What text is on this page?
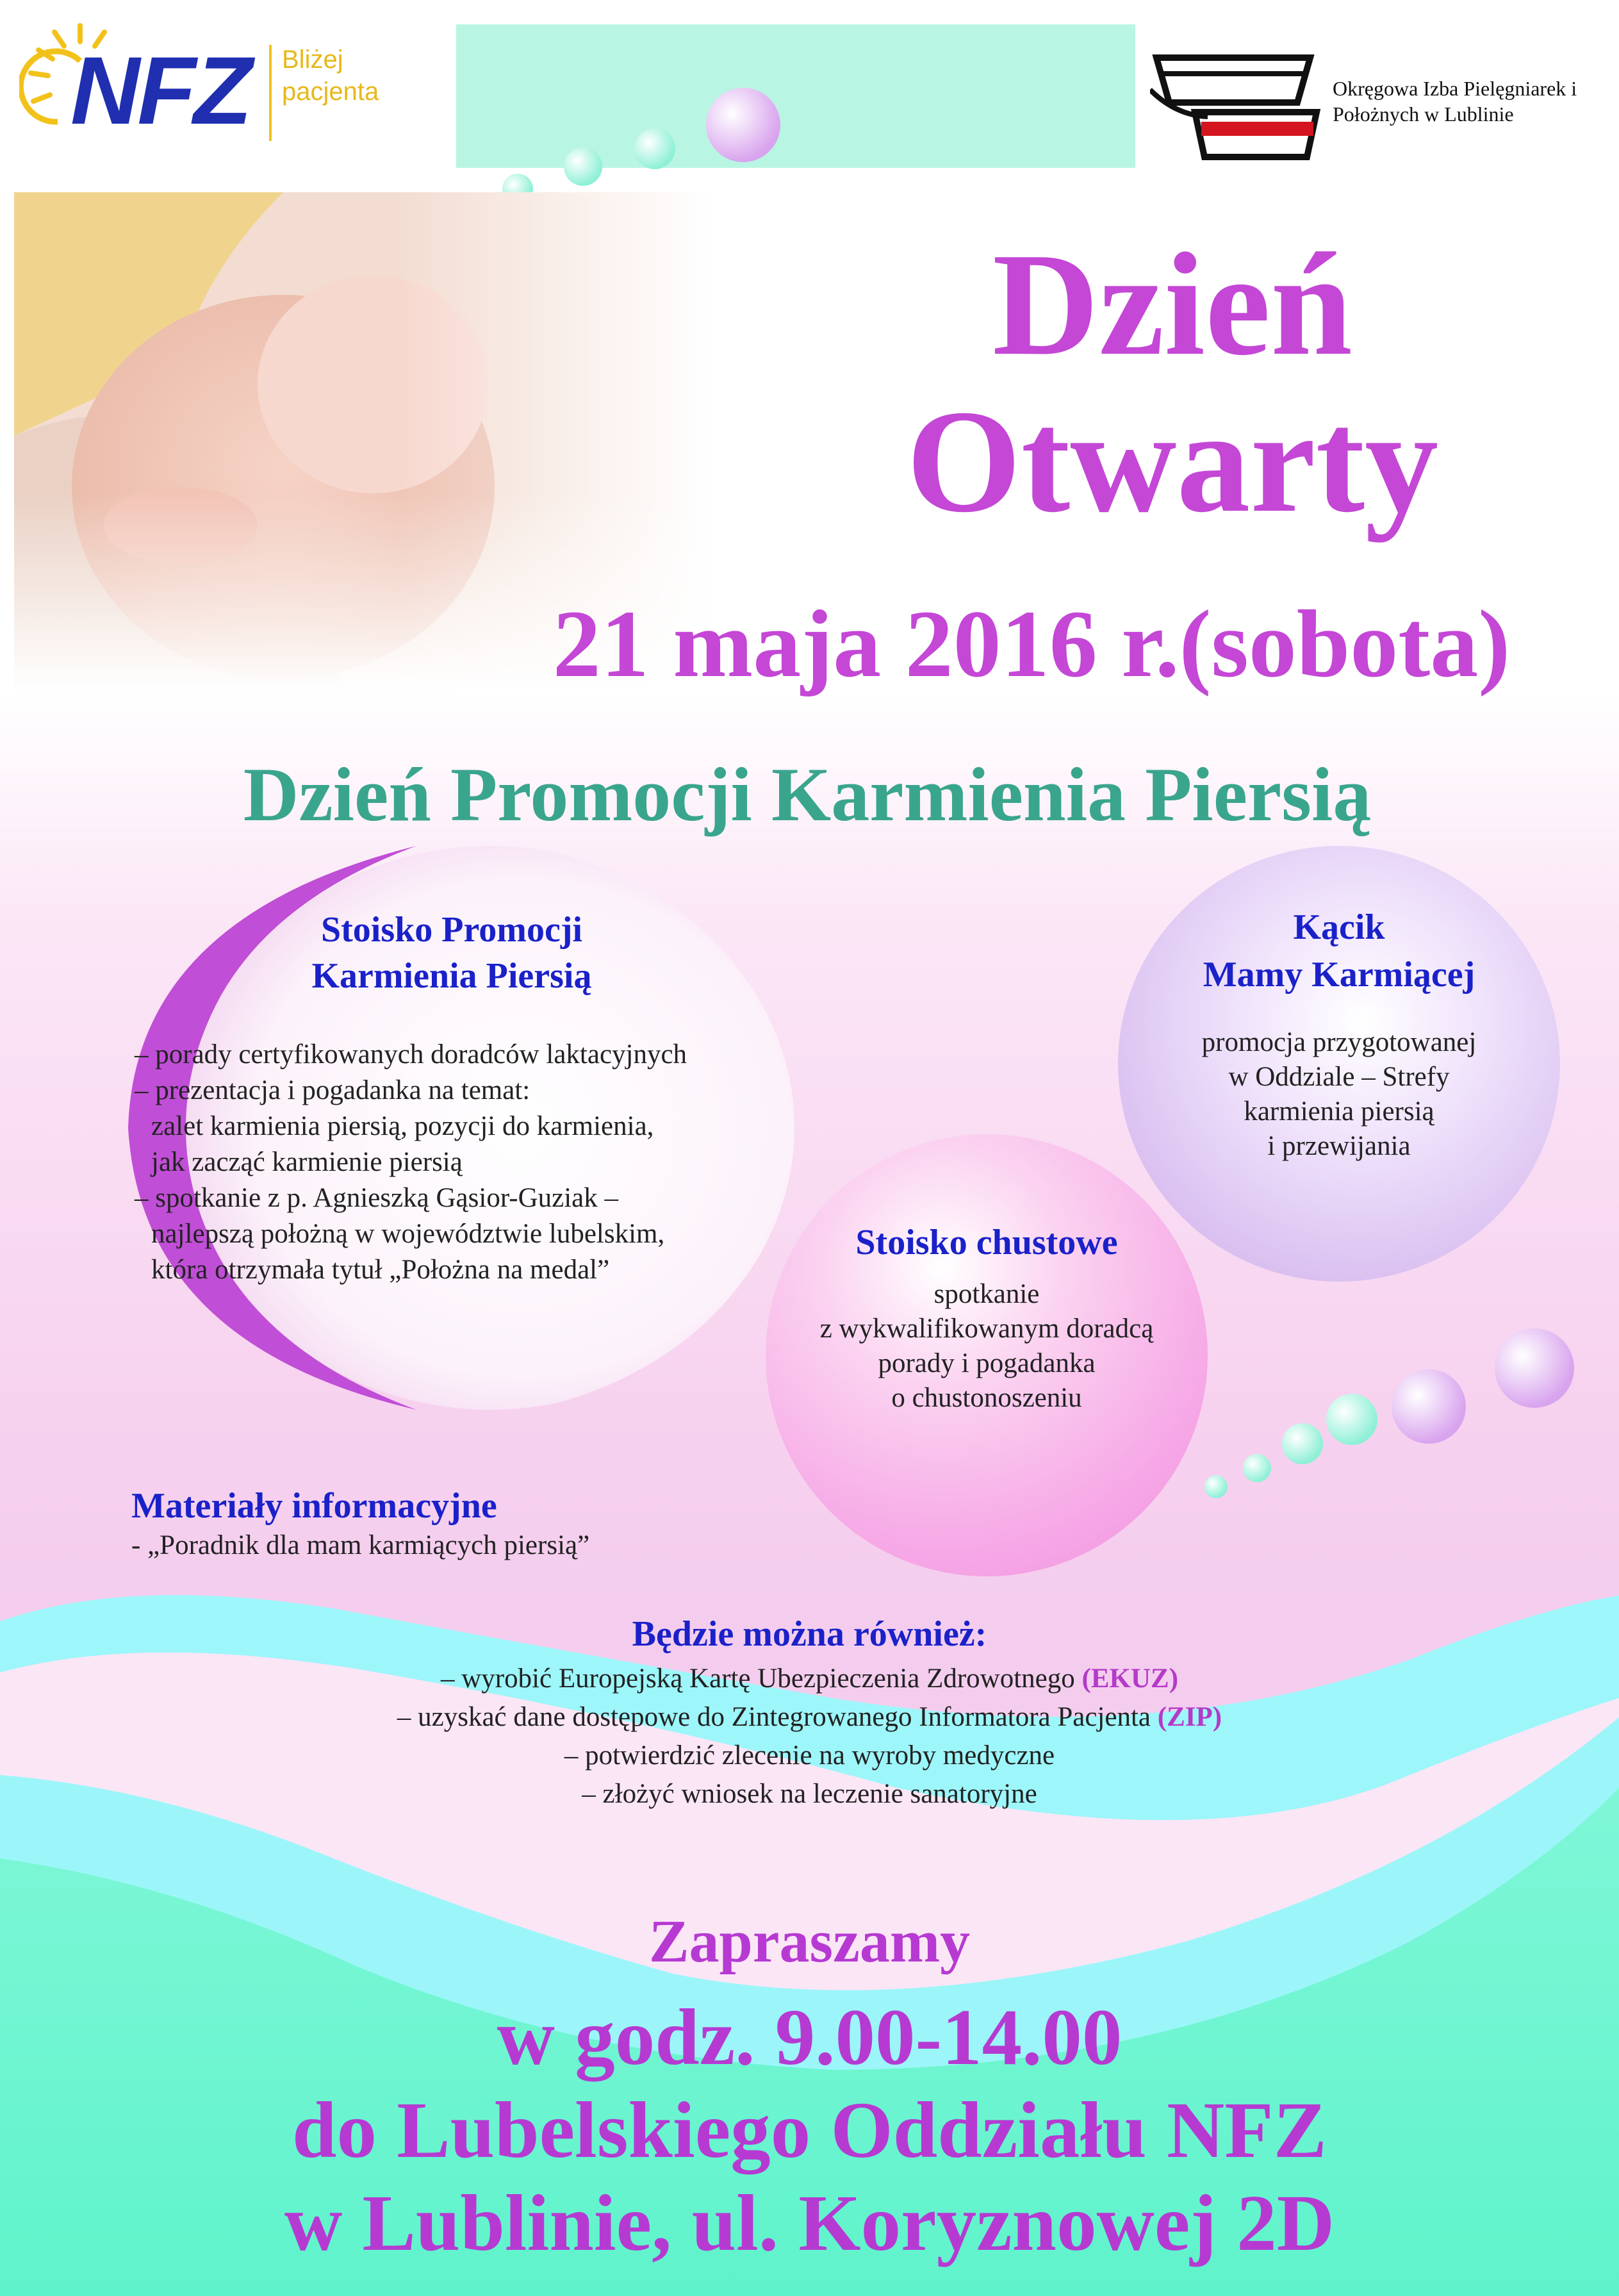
NFZ Bliżej pacjenta	Okręgowa Izba Pielęgniarek i Położnych w Lublinie
Dzień
Otwarty
21 maja 2016 r.(sobota)
Dzień Promocji Karmienia Piersią
Stoisko Promocji
Karmienia Piersią
– porady certyfikowanych doradców laktacyjnych
– prezentacja i pogadanka na temat:
zalet karmienia piersią, pozycji do karmienia,
jak zacząć karmienie piersią
– spotkanie z p. Agnieszką Gąsior-Guziak –
najlepszą położną w województwie lubelskim,
która otrzymała tytuł „Położna na medal”
Kącik
Mamy Karmiącej
promocja przygotowanej
w Oddziale – Strefy
karmienia piersią
i przewijania
Stoisko chustowe
spotkanie
z wykwalifikowanym doradcą
porady i pogadanka
o chustonoszeniu
Materiały informacyjne
- „Poradnik dla mam karmiących piersią”
Będzie można również:
– wyrobić Europejską Kartę Ubezpieczenia Zdrowotnego (EKUZ)
– uzyskać dane dostępowe do Zintegrowanego Informatora Pacjenta (ZIP)
– potwierdzić zlecenie na wyroby medyczne
– złożyć wniosek na leczenie sanatoryjne
Zapraszamy
w godz. 9.00-14.00
do Lubelskiego Oddziału NFZ
w Lublinie, ul. Koryznowej 2D
